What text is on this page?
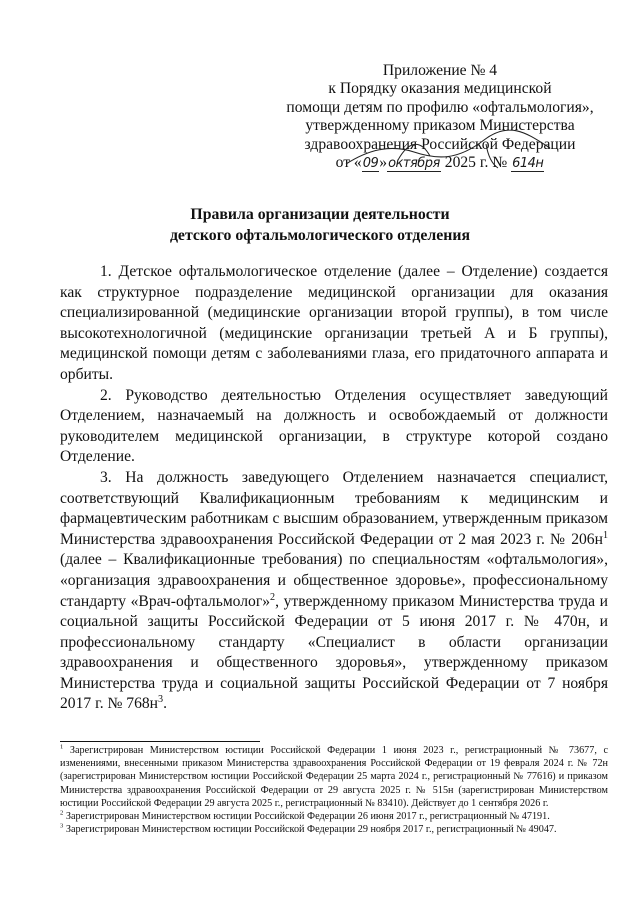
Приложение № 4
к Порядку оказания медицинской
помощи детям по профилю «офтальмология»,
утвержденному приказом Министерства
здравоохранения Российской Федерации
от «09»октября 2025 г. № 614н
Правила организации деятельности
детского офтальмологического отделения

1. Детское офтальмологическое отделение (далее – Отделение) создается как структурное подразделение медицинской организации для оказания специализированной (медицинские организации второй группы), в том числе высокотехнологичной (медицинские организации третьей А и Б группы), медицинской помощи детям с заболеваниями глаза, его придаточного аппарата и орбиты.

2. Руководство деятельностью Отделения осуществляет заведующий Отделением, назначаемый на должность и освобождаемый от должности руководителем медицинской организации, в структуре которой создано Отделение.

3. На должность заведующего Отделением назначается специалист, соответствующий Квалификационным требованиям к медицинским и фармацевтическим работникам с высшим образованием, утвержденным приказом Министерства здравоохранения Российской Федерации от 2 мая 2023 г. № $206н^1$ (далее – Квалификационные требования) по специальностям «офтальмология», «организация здравоохранения и общественное здоровье», профессиональному стандарту «Врач-офтальмолог»$^2$, утвержденному приказом Министерства труда и социальной защиты Российской Федерации от 5 июня 2017 г. № 470н, и профессиональному стандарту «Специалист в области организации здравоохранения и общественного здоровья», утвержденному приказом Министерства труда и социальной защиты Российской Федерации от 7 ноября 2017 г. № $768н^3$.

$^1$ Зарегистрирован Министерством юстиции Российской Федерации 1 июня 2023 г., регистрационный № 73677, с изменениями, внесенными приказом Министерства здравоохранения Российской Федерации от 19 февраля 2024 г. № 72н (зарегистрирован Министерством юстиции Российской Федерации 25 марта 2024 г., регистрационный № 77616) и приказом Министерства здравоохранения Российской Федерации от 29 августа 2025 г. № 515н (зарегистрирован Министерством юстиции Российской Федерации 29 августа 2025 г., регистрационный № 83410). Действует до 1 сентября 2026 г.

$^2$ Зарегистрирован Министерством юстиции Российской Федерации 26 июня 2017 г., регистрационный № 47191.

$^3$ Зарегистрирован Министерством юстиции Российской Федерации 29 ноября 2017 г., регистрационный № 49047.
